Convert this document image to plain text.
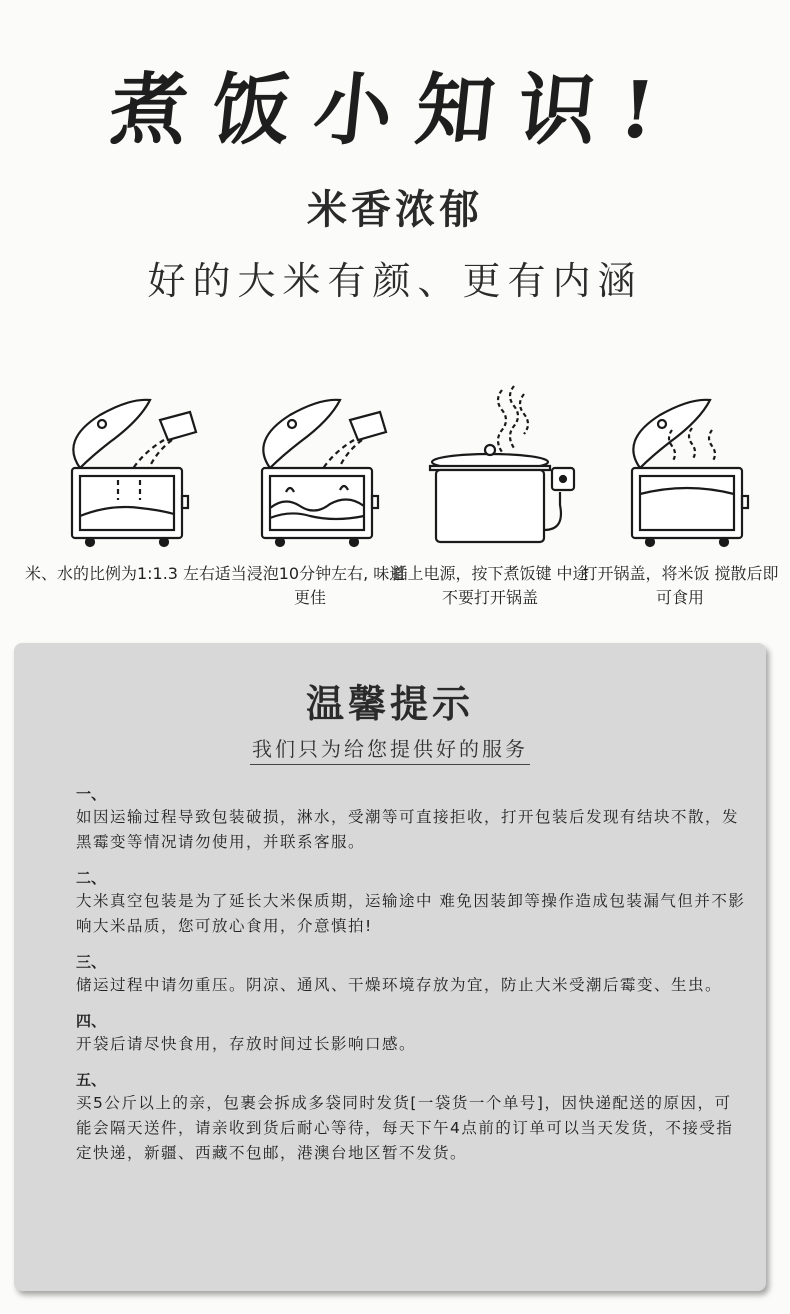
煮饭小知识!
米香浓郁
好的大米有颜、更有内涵
米、水的比例为1:1.3 左右 适当浸泡10分钟左右, 味道更佳
插上电源，按下煮饭键 中途不要打开锅盖
打开锅盖，将米饭 搅散后即可食用
温馨提示
我们只为给您提供好的服务
一、
如因运输过程导致包装破损，淋水，受潮等可直接拒收，打开包装后发现有结块不散，发黑霉变等情况请勿使用，并联系客服。
二、
大米真空包装是为了延长大米保质期，运输途中 难免因装卸等操作造成包装漏气但并不影响大米品质，您可放心食用，介意慎拍!
三、
储运过程中请勿重压。阴凉、通风、干燥环境存放为宜，防止大米受潮后霉变、生虫。
四、
开袋后请尽快食用，存放时间过长影响口感。
五、
买5公斤以上的亲，包裹会拆成多袋同时发货[一袋货一个单号]，因快递配送的原因，可能会隔天送件，请亲收到货后耐心等待，每天下午4点前的订单可以当天发货，不接受指定快递，新疆、西藏不包邮，港澳台地区暂不发货。
